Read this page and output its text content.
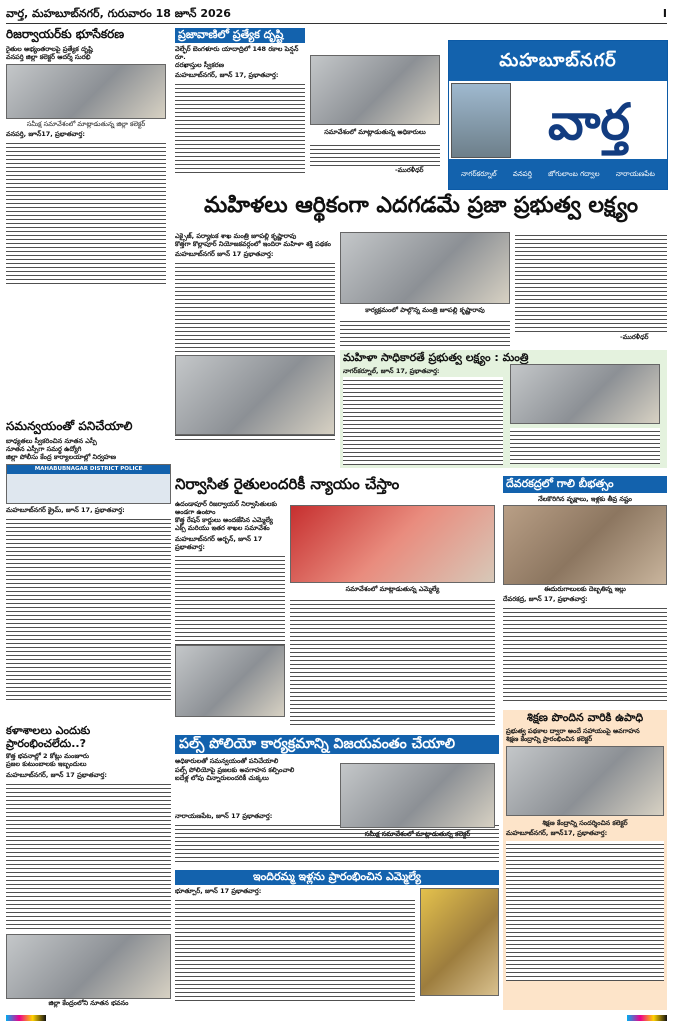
వార్త, మహబూబ్‌నగర్, గురువారం 18 జూన్ 2026	I
రిజర్వాయర్‌కు భూసేకరణ
రైతుల అభ్యంతరాలపై ప్రత్యేక దృష్టి
వనపర్తి జిల్లా కలెక్టర్ ఆదర్శ్ సురభి
సమీక్ష సమావేశంలో మాట్లాడుతున్న జిల్లా కలెక్టర్
వనపర్తి, జూన్17, ప్రభాతవార్త:
ప్రజావాణిలో ప్రత్యేక దృష్టి
వెల్ఫేర్ బెంగళూరు యాదాద్రిలో 148 రకాల పెన్షన్ రూ.
దరఖాస్తుల స్వీకరణ
మహబూబ్‌నగర్, జూన్ 17, ప్రభాతవార్త:
సమావేశంలో మాట్లాడుతున్న అధికారులు
-మురళీధర్
మహబూబ్‌నగర్
వార్త
నాగర్‌కర్నూల్ వనపర్తి జోగులాంబ గద్వాల నారాయణపేట
మహిళలు ఆర్థికంగా ఎదగడమే ప్రజా ప్రభుత్వ లక్ష్యం
ఎక్సైజ్, పర్యాటక శాఖ మంత్రి జూపల్లి కృష్ణారావు
కొత్తగా కొల్లాపూర్ నియోజకవర్గంలో ఇందిరా మహిళా శక్తి పథకం
మహబూబ్‌నగర్ జూన్ 17 ప్రభాతవార్త:
కార్యక్రమంలో పాల్గొన్న మంత్రి జూపల్లి కృష్ణారావు
-మురళీధర్
మహిళా సాధికారతే ప్రభుత్వ లక్ష్యం : మంత్రి
నాగర్‌కర్నూల్, జూన్ 17, ప్రభాతవార్త:
సమన్వయంతో పనిచేయాలి
బాధ్యతలు స్వీకరించిన నూతన ఎస్పీ
నూతన ఎస్పీగా సమర్థ ఉద్యోగి
జిల్లా పోలీసు కేంద్ర కార్యాలయాల్లో నిర్వహణ
MAHABUBNAGAR DISTRICT POLICE
మహబూబ్‌నగర్ క్రైమ్, జూన్ 17, ప్రభాతవార్త:
నిర్వాసిత రైతులందరికీ న్యాయం చేస్తాం
ఉదండాపూర్ రిజర్వాయర్ నిర్వాసితులకు అండగా ఉంటాం
కొత్త రేషన్ కార్డులు అందజేసిన ఎమ్మెల్యే
ఎక్స్ మరియు ఇతర శాఖల సమావేశం
మహబూబ్‌నగర్ అర్బన్, జూన్ 17 ప్రభాతవార్త:
సమావేశంలో మాట్లాడుతున్న ఎమ్మెల్యే
దేవరకద్రలో గాలి బీభత్సం
నేలకొరిగిన వృక్షాలు, ఇళ్లకు తీవ్ర నష్టం
ఈదురుగాలులకు దెబ్బతిన్న ఇల్లు
దేవరకద్ర, జూన్ 17, ప్రభాతవార్త:
కళాశాలలు ఎందుకు ప్రారంభించలేదు..?
కొత్త భవనాల్లో 2 కోట్లు మంజూరు
ప్రజల కుటుంబాలకు ఇబ్బందులు
మహబూబ్‌నగర్, జూన్ 17 ప్రభాతవార్త:
జిల్లా కేంద్రంలోని నూతన భవనం
పల్స్ పోలియో కార్యక్రమాన్ని విజయవంతం చేయాలి
అధికారులతో సమన్వయంతో పనిచేయాలి
పల్స్ పోలియోపై ప్రజలకు అవగాహన కల్పించాలి
ఐదేళ్ల లోపు చిన్నారులందరికీ చుక్కలు
సమీక్ష సమావేశంలో మాట్లాడుతున్న కలెక్టర్
నారాయణపేట, జూన్ 17 ప్రభాతవార్త:
ఇందిరమ్మ ఇళ్లను ప్రారంభించిన ఎమ్మెల్యే
భూత్పూర్, జూన్ 17 ప్రభాతవార్త:
శిక్షణ పొందిన వారికి ఉపాధి
ప్రభుత్వ పథకాల ద్వారా అందే సహాయంపై అవగాహన
శిక్షణ కేంద్రాన్ని ప్రారంభించిన కలెక్టర్
శిక్షణ కేంద్రాన్ని సందర్శించిన కలెక్టర్
మహబూబ్‌నగర్, జూన్17, ప్రభాతవార్త:
